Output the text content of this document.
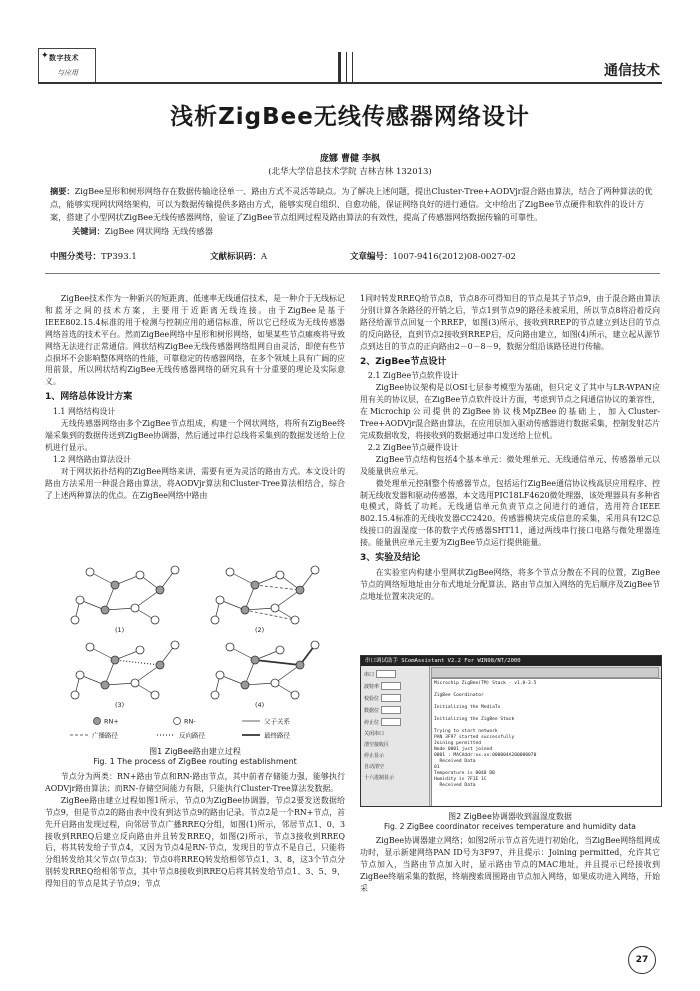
✦ 数字技术
与应用	通信技术
浅析ZigBee无线传感器网络设计
庞娜 曹健 李枫
(北华大学信息技术学院 吉林吉林 132013)
摘要：ZigBee星形和树形网络存在数据传输途径单一、路由方式不灵活等缺点。为了解决上述问题，提出Cluster-Tree+AODVjr混合路由算法，结合了两种算法的优点，能够实现网状网络架构，可以为数据传输提供多路由方式，能够实现自组织、自愈功能，保证网络良好的进行通信。文中给出了ZigBee节点硬件和软件的设计方案，搭建了小型网状ZigBee无线传感器网络，验证了ZigBee节点组网过程及路由算法的有效性，提高了传感器网络数据传输的可靠性。
关键词：ZigBee 网状网络 无线传感器
中图分类号：TP393.1	文献标识码：A	文章编号：1007-9416(2012)08-0027-02

ZigBee技术作为一种新兴的短距离、低速率无线通信技术，是一种介于无线标记和蓝牙之间的技术方案，主要用于近距离无线连接。由于ZigBee是基于IEEE802.15.4标准的用于检测与控制应用的通信标准，所以它已经成为无线传感器网络首选的技术平台。然而ZigBee网络中星形和树形网络，如果某些节点瘫痪将导致网络无法进行正常通信。网状结构ZigBee无线传感器网络组网自由灵活，即使有些节点损坏不会影响整体网络的性能，可靠稳定的传感器网络，在多个领域上具有广阔的应用前景，所以网状结构ZigBee无线传感器网络的研究具有十分重要的理论及实际意义。

1、网络总体设计方案

1.1 网络结构设计

无线传感器网络由多个ZigBee节点组成，构建一个网状网络，将所有ZigBee终端采集到的数据传送到ZigBee协调器，然后通过串行总线将采集到的数据发送给上位机进行显示。

1.2 网络路由算法设计

对于网状拓扑结构的ZigBee网络来讲，需要有更为灵活的路由方式。本文设计的路由方法采用一种混合路由算法，将AODVjr算法和Cluster-Tree算法相结合，综合了上述两种算法的优点。在ZigBee网络中路由

(1)	(2)
(3)	(4)
RN+	RN-	父子关系
广播路径	反向路径	最终路径
图1 ZigBee路由建立过程
Fig. 1 The process of ZigBee routing establishment

节点分为两类：RN+路由节点和RN-路由节点，其中前者存储能力强，能够执行AODVjr路由算法；而RN-存储空间能力有限，只能执行Cluster-Tree算法发数据。

ZigBee路由建立过程如图1所示，节点0为ZigBee协调器，节点2要发送数据给节点9，但是节点2的路由表中没有到达节点9的路由记录。节点2是一个RN+节点，首先开启路由发现过程，向邻居节点广播RREQ分组，如图(1)所示，邻居节点1、0、3接收到RREQ后建立反向路由并且转发RREQ，如图(2)所示，节点3接收到RREQ后，将其转发给子节点4，又因为节点4是RN-节点，发现目的节点不是自己，只能将分组转发给其父节点(节点3)；节点0将RREQ转发给相邻节点1、3、8，这3个节点分别转发RREQ给相邻节点，其中节点8接收到RREQ后将其转发给节点1、3、5、9，得知目的节点是其子节点9；节点

1同时转发RREQ给节点8，节点8亦可得知目的节点是其子节点9，由于混合路由算法分别计算各条路径的开销之后，节点1到节点9的路径未被采用，所以节点8将沿着反向路径给源节点回复一个RREP，如图(3)所示，接收到RREP的节点建立到达目的节点的反向路径，直到节点2接收到RREP后，反向路由建立，如图(4)所示，建立起从源节点到达目的节点的正向路由2－0－8－9，数据分组沿该路径进行传输。

2、ZigBee节点设计

2.1 ZigBee节点软件设计

ZigBee协议架构是以OSI七层参考模型为基础，但只定义了其中与LR-WPAN应用有关的协议层，在ZigBee节点软件设计方面，考虑到节点之间通信协议的兼容性，在Microchip公司提供的ZigBee协议栈MpZBee的基础上，加入Cluster-Tree+AODVjr混合路由算法，在应用层加入驱动传感器进行数据采集，控制发射芯片完成数据收发，将接收到的数据通过串口发送给上位机。

2.2 ZigBee节点硬件设计

ZigBee节点结构包括4个基本单元：微处理单元、无线通信单元、传感器单元以及能量供应单元。

微处理单元控制整个传感器节点，包括运行ZigBee通信协议栈高层应用程序、控制无线收发器和驱动传感器，本文选用PIC18LF4620微处理器，该处理器具有多种省电模式，降低了功耗。无线通信单元负责节点之间进行的通信，选用符合IEEE 802.15.4标准的无线收发器CC2420。传感器模块完成信息的采集，采用具有I2C总线接口的温湿度一体的数字式传感器SHT11，通过两线串行接口电路与微处理器连接。能量供应单元主要为ZigBee节点运行提供能量。

3、实验及结论

在实验室内构建小型网状ZigBee网络，将多个节点分散在不同的位置，ZigBee节点的网络短地址由分布式地址分配算法、路由节点加入网络的先后顺序及ZigBee节点地址位置来决定的。

串口调试助手 SComAssistant V2.2 For WIN98/NT/2000
串口
波特率
校验位
数据位
停止位
关闭串口
清空接收区
停止显示
自动清空
十六进制显示
Microchip ZigBee(TM) Stack - v1.0-3.5

ZigBee Coordinator

Initializing the MediaTx

Initializing the ZigBee Stack

Trying to start network
PAN 3F97 started successfully
Joining permitted
Node 0001 just joined
0001 : MACAddr:xx.xx:000004A200000070
Received Data
01
Temperature is 0048 DB
Humidity is 7F1E 1C
Received Data
图2 ZigBee协调器收到温湿度数据
Fig. 2 ZigBee coordinator receives temperature and humidity data

ZigBee协调器建立网络；如图2所示节点首先进行初始化，当ZigBee网络组网成功时，显示新建网络PAN ID号为3F97，并且提示：Joining permitted，允许其它节点加入，当路由节点加入时，显示路由节点的MAC地址，并且提示已经接收到ZigBee终端采集的数据，终端搜索周围路由节点加入网络，如果成功进入网络，开始采

27
